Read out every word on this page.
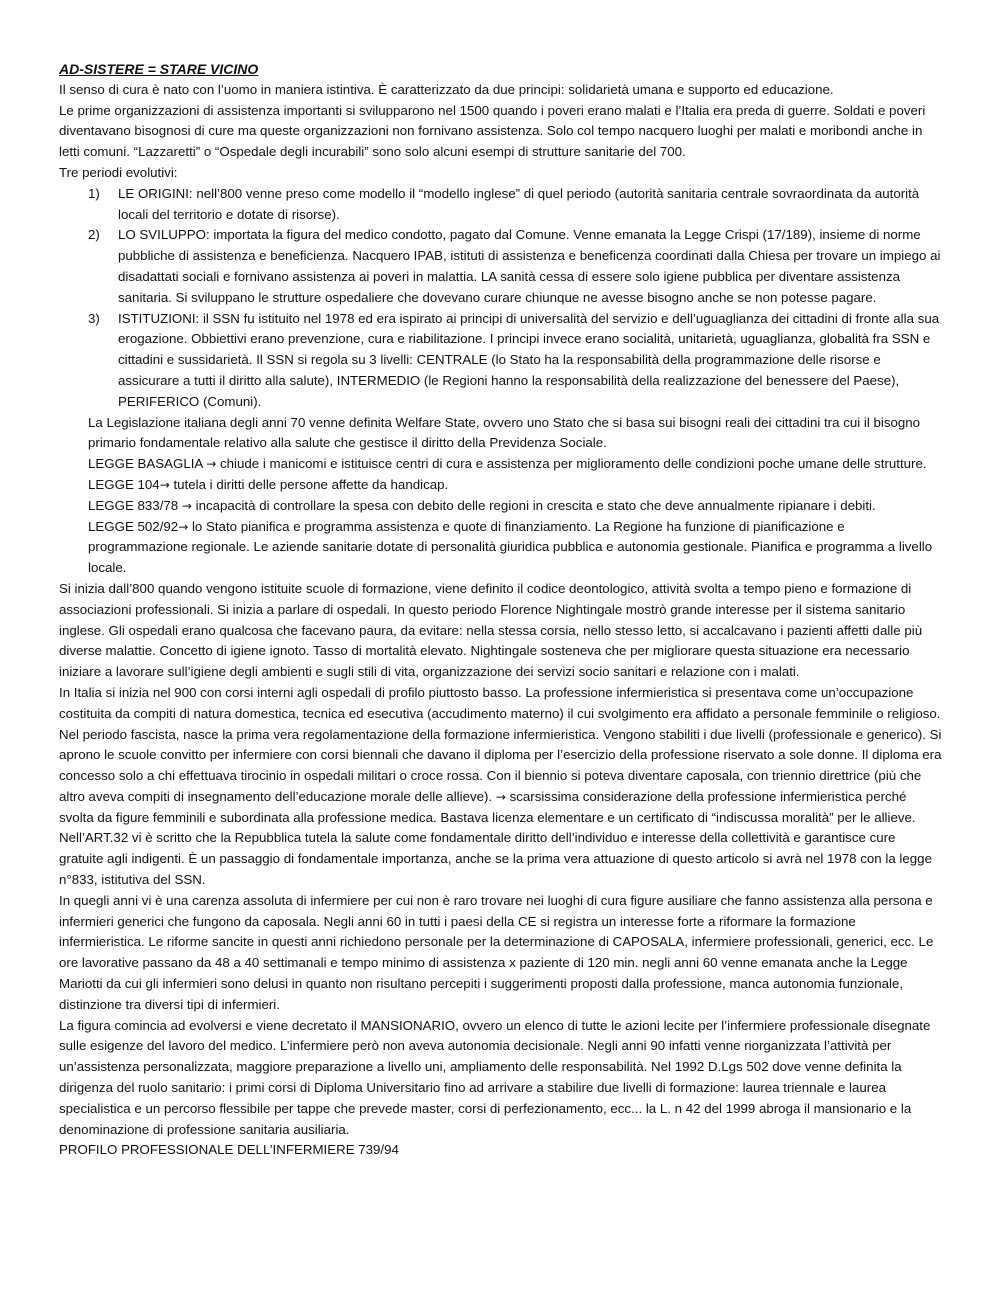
AD-SISTERE = STARE VICINO

Il senso di cura è nato con l’uomo in maniera istintiva. È caratterizzato da due principi: solidarietà umana e supporto ed educazione.

Le prime organizzazioni di assistenza importanti si svilupparono nel 1500 quando i poveri erano malati e l’Italia era preda di guerre. Soldati e poveri diventavano bisognosi di cure ma queste organizzazioni non fornivano assistenza. Solo col tempo nacquero luoghi per malati e moribondi anche in letti comuni. “Lazzaretti” o “Ospedale degli incurabili” sono solo alcuni esempi di strutture sanitarie del 700.

Tre periodi evolutivi:

1) LE ORIGINI: nell’800 venne preso come modello il “modello inglese” di quel periodo (autorità sanitaria centrale sovraordinata da autorità locali del territorio e dotate di risorse).
2) LO SVILUPPO: importata la figura del medico condotto, pagato dal Comune. Venne emanata la Legge Crispi (17/189), insieme di norme pubbliche di assistenza e beneficienza. Nacquero IPAB, istituti di assistenza e beneficenza coordinati dalla Chiesa per trovare un impiego ai disadattati sociali e fornivano assistenza ai poveri in malattia. LA sanità cessa di essere solo igiene pubblica per diventare assistenza sanitaria. Si sviluppano le strutture ospedaliere che dovevano curare chiunque ne avesse bisogno anche se non potesse pagare.
3) ISTITUZIONI: il SSN fu istituito nel 1978 ed era ispirato ai principi di universalità del servizio e dell’uguaglianza dei cittadini di fronte alla sua erogazione. Obbiettivi erano prevenzione, cura e riabilitazione. I principi invece erano socialità, unitarietà, uguaglianza, globalità fra SSN e cittadini e sussidarietà. Il SSN si regola su 3 livelli: CENTRALE (lo Stato ha la responsabilità della programmazione delle risorse e assicurare a tutti il diritto alla salute), INTERMEDIO (le Regioni hanno la responsabilità della realizzazione del benessere del Paese), PERIFERICO (Comuni).

La Legislazione italiana degli anni 70 venne definita Welfare State, ovvero uno Stato che si basa sui bisogni reali dei cittadini tra cui il bisogno primario fondamentale relativo alla salute che gestisce il diritto della Previdenza Sociale.

LEGGE BASAGLIA → chiude i manicomi e istituisce centri di cura e assistenza per miglioramento delle condizioni poche umane delle strutture.

LEGGE 104→ tutela i diritti delle persone affette da handicap.

LEGGE 833/78 → incapacità di controllare la spesa con debito delle regioni in crescita e stato che deve annualmente ripianare i debiti.

LEGGE 502/92→ lo Stato pianifica e programma assistenza e quote di finanziamento. La Regione ha funzione di pianificazione e programmazione regionale. Le aziende sanitarie dotate di personalità giuridica pubblica e autonomia gestionale. Pianifica e programma a livello locale.

Si inizia dall’800 quando vengono istituite scuole di formazione, viene definito il codice deontologico, attività svolta a tempo pieno e formazione di associazioni professionali. Si inizia a parlare di ospedali. In questo periodo Florence Nightingale mostrò grande interesse per il sistema sanitario inglese. Gli ospedali erano qualcosa che facevano paura, da evitare: nella stessa corsia, nello stesso letto, si accalcavano i pazienti affetti dalle più diverse malattie. Concetto di igiene ignoto. Tasso di mortalità elevato. Nightingale sosteneva che per migliorare questa situazione era necessario iniziare a lavorare sull’igiene degli ambienti e sugli stili di vita, organizzazione dei servizi socio sanitari e relazione con i malati.

In Italia si inizia nel 900 con corsi interni agli ospedali di profilo piuttosto basso. La professione infermieristica si presentava come un’occupazione costituita da compiti di natura domestica, tecnica ed esecutiva (accudimento materno) il cui svolgimento era affidato a personale femminile o religioso.

Nel periodo fascista, nasce la prima vera regolamentazione della formazione infermieristica. Vengono stabiliti i due livelli (professionale e generico). Si aprono le scuole convitto per infermiere con corsi biennali che davano il diploma per l’esercizio della professione riservato a sole donne. Il diploma era concesso solo a chi effettuava tirocinio in ospedali militari o croce rossa. Con il biennio si poteva diventare caposala, con triennio direttrice (più che altro aveva compiti di insegnamento dell’educazione morale delle allieve). → scarsissima considerazione della professione infermieristica perché svolta da figure femminili e subordinata alla professione medica. Bastava licenza elementare e un certificato di “indiscussa moralità” per le allieve.

Nell’ART.32 vi è scritto che la Repubblica tutela la salute come fondamentale diritto dell’individuo e interesse della collettività e garantisce cure gratuite agli indigenti. È un passaggio di fondamentale importanza, anche se la prima vera attuazione di questo articolo si avrà nel 1978 con la legge n°833, istitutiva del SSN.

In quegli anni vi è una carenza assoluta di infermiere per cui non è raro trovare nei luoghi di cura figure ausiliare che fanno assistenza alla persona e infermieri generici che fungono da caposala. Negli anni 60 in tutti i paesi della CE si registra un interesse forte a riformare la formazione infermieristica. Le riforme sancite in questi anni richiedono personale per la determinazione di CAPOSALA, infermiere professionali, generici, ecc. Le ore lavorative passano da 48 a 40 settimanali e tempo minimo di assistenza x paziente di 120 min. negli anni 60 venne emanata anche la Legge Mariotti da cui gli infermieri sono delusi in quanto non risultano percepiti i suggerimenti proposti dalla professione, manca autonomia funzionale, distinzione tra diversi tipi di infermieri.

La figura comincia ad evolversi e viene decretato il MANSIONARIO, ovvero un elenco di tutte le azioni lecite per l’infermiere professionale disegnate sulle esigenze del lavoro del medico. L’infermiere però non aveva autonomia decisionale. Negli anni 90 infatti venne riorganizzata l’attività per un’assistenza personalizzata, maggiore preparazione a livello uni, ampliamento delle responsabilità. Nel 1992 D.Lgs 502 dove venne definita la dirigenza del ruolo sanitario: i primi corsi di Diploma Universitario fino ad arrivare a stabilire due livelli di formazione: laurea triennale e laurea specialistica e un percorso flessibile per tappe che prevede master, corsi di perfezionamento, ecc... la L. n 42 del 1999 abroga il mansionario e la denominazione di professione sanitaria ausiliaria.

PROFILO PROFESSIONALE DELL’INFERMIERE 739/94
